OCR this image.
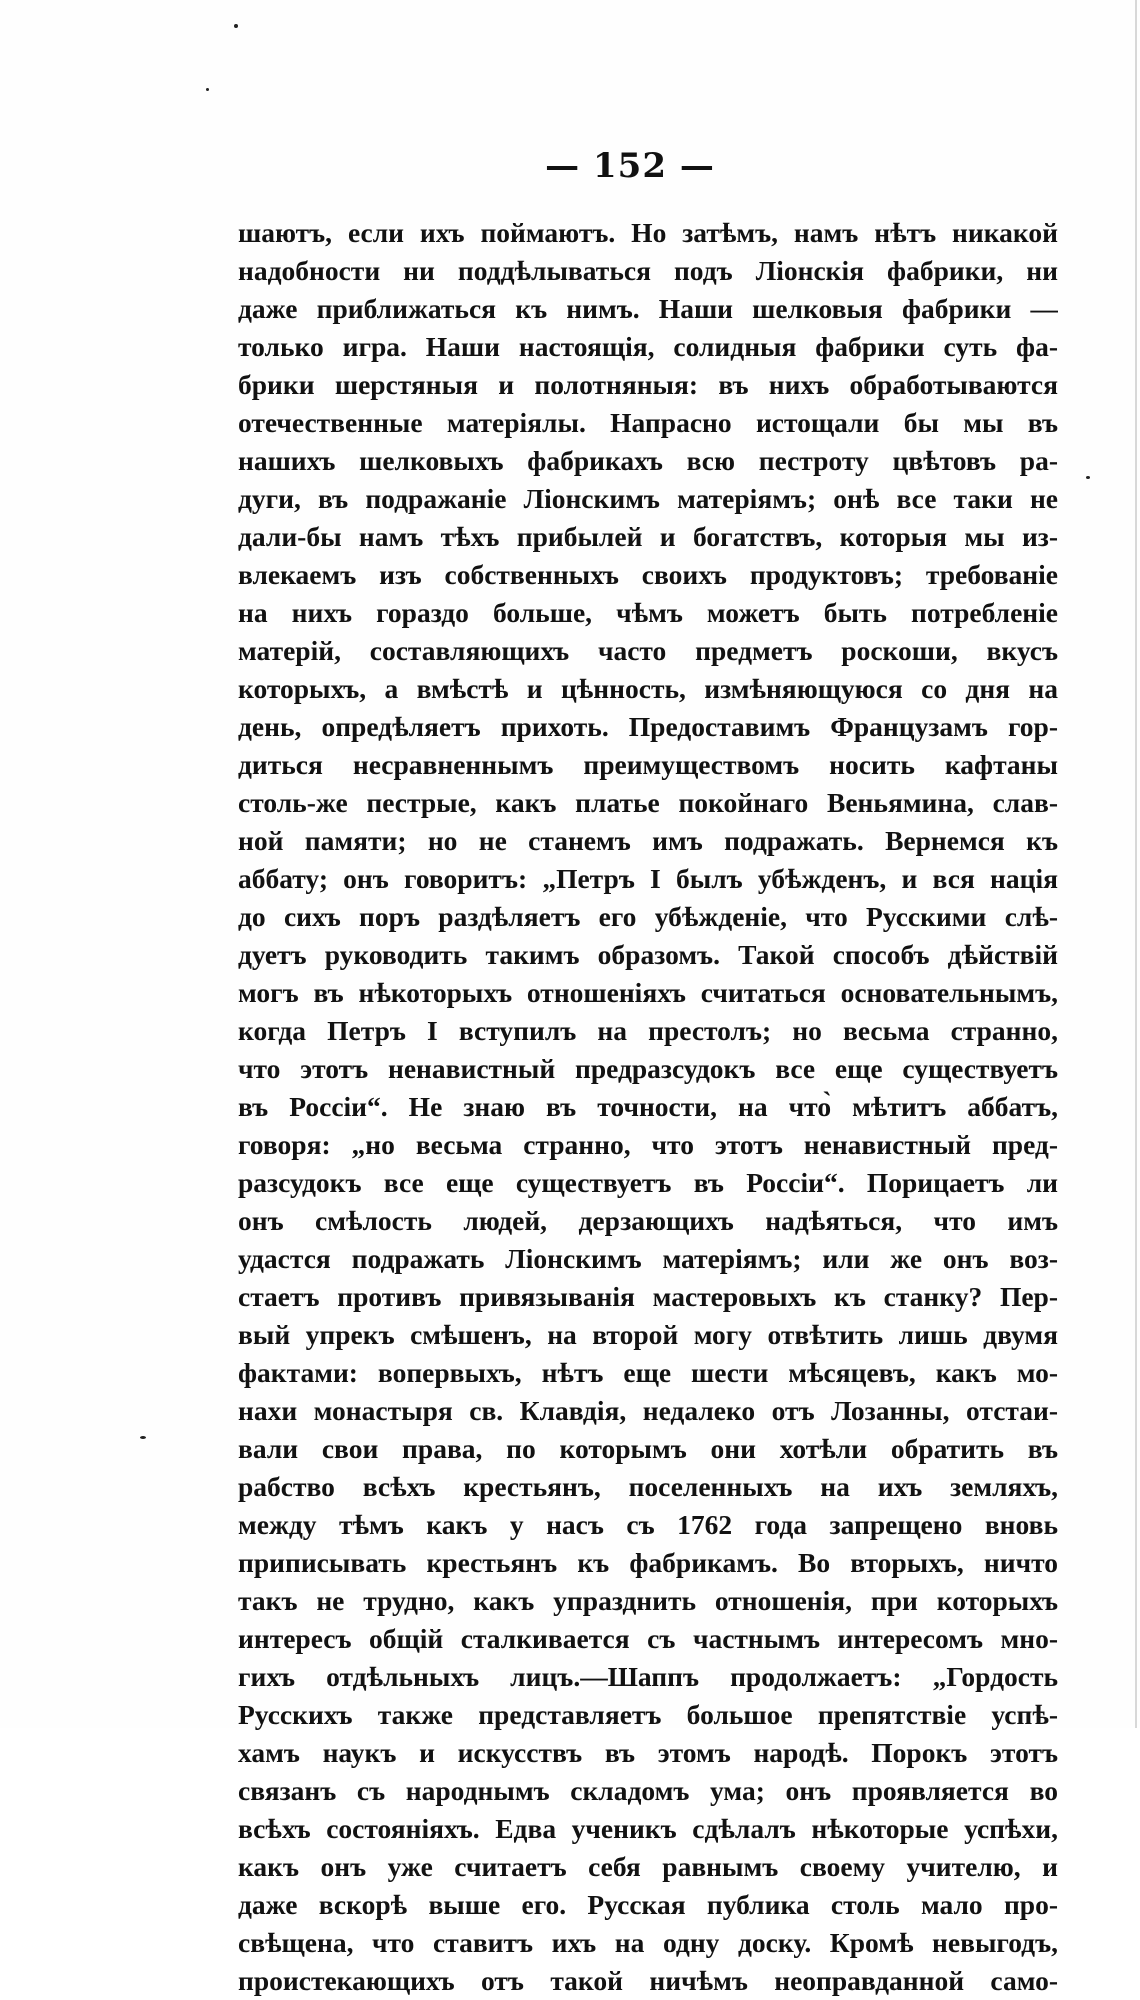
— 152 —
шаютъ, если ихъ поймаютъ. Но затѣмъ, намъ нѣтъ никакой
надобности ни поддѣлываться подъ Ліонскія фабрики, ни
даже приближаться къ нимъ. Наши шелковыя фабрики —
только игра. Наши настоящія, солидныя фабрики суть фа-
брики шерстяныя и полотняныя: въ нихъ обработываются
отечественные матеріялы. Напрасно истощали бы мы въ
нашихъ шелковыхъ фабрикахъ всю пестроту цвѣтовъ ра-
дуги, въ подражаніе Ліонскимъ матеріямъ; онѣ все таки не
дали-бы намъ тѣхъ прибылей и богатствъ, которыя мы из-
влекаемъ изъ собственныхъ своихъ продуктовъ; требованіе
на нихъ гораздо больше, чѣмъ можетъ быть потребленіе
матерій, составляющихъ часто предметъ роскоши, вкусъ
которыхъ, а вмѣстѣ и цѣнность, измѣняющуюся со дня на
день, опредѣляетъ прихоть. Предоставимъ Французамъ гор-
диться несравненнымъ преимуществомъ носить кафтаны
столь-же пестрые, какъ платье покойнаго Веньямина, слав-
ной памяти; но не станемъ имъ подражать. Вернемся къ
аббату; онъ говоритъ: „Петръ I былъ убѣжденъ, и вся нація
до сихъ поръ раздѣляетъ его убѣжденіе, что Русскими слѣ-
дуетъ руководить такимъ образомъ. Такой способъ дѣйствій
могъ въ нѣкоторыхъ отношеніяхъ считаться основательнымъ,
когда Петръ I вступилъ на престолъ; но весьма странно,
что этотъ ненавистный предразсудокъ все еще существуетъ
въ Россіи“. Не знаю въ точности, на что̀ мѣтитъ аббатъ,
говоря: „но весьма странно, что этотъ ненавистный пред-
разсудокъ все еще существуетъ въ Россіи“. Порицаетъ ли
онъ смѣлость людей, дерзающихъ надѣяться, что имъ
удастся подражать Ліонскимъ матеріямъ; или же онъ воз-
стаетъ противъ привязыванія мастеровыхъ къ станку? Пер-
вый упрекъ смѣшенъ, на второй могу отвѣтить лишь двумя
фактами: вопервыхъ, нѣтъ еще шести мѣсяцевъ, какъ мо-
нахи монастыря св. Клавдія, недалеко отъ Лозанны, отстаи-
вали свои права, по которымъ они хотѣли обратить въ
рабство всѣхъ крестьянъ, поселенныхъ на ихъ земляхъ,
между тѣмъ какъ у насъ съ 1762 года запрещено вновь
приписывать крестьянъ къ фабрикамъ. Во вторыхъ, ничто
такъ не трудно, какъ упразднить отношенія, при которыхъ
интересъ общій сталкивается съ частнымъ интересомъ мно-
гихъ отдѣльныхъ лицъ.—Шаппъ продолжаетъ: „Гордость
Русскихъ также представляетъ большое препятствіе успѣ-
хамъ наукъ и искусствъ въ этомъ народѣ. Порокъ этотъ
связанъ съ народнымъ складомъ ума; онъ проявляется во
всѣхъ состояніяхъ. Едва ученикъ сдѣлалъ нѣкоторые успѣхи,
какъ онъ уже считаетъ себя равнымъ своему учителю, и
даже вскорѣ выше его. Русская публика столь мало про-
свѣщена, что ставитъ ихъ на одну доску. Кромѣ невыгодъ,
проистекающихъ отъ такой ничѣмъ неоправданной само-
